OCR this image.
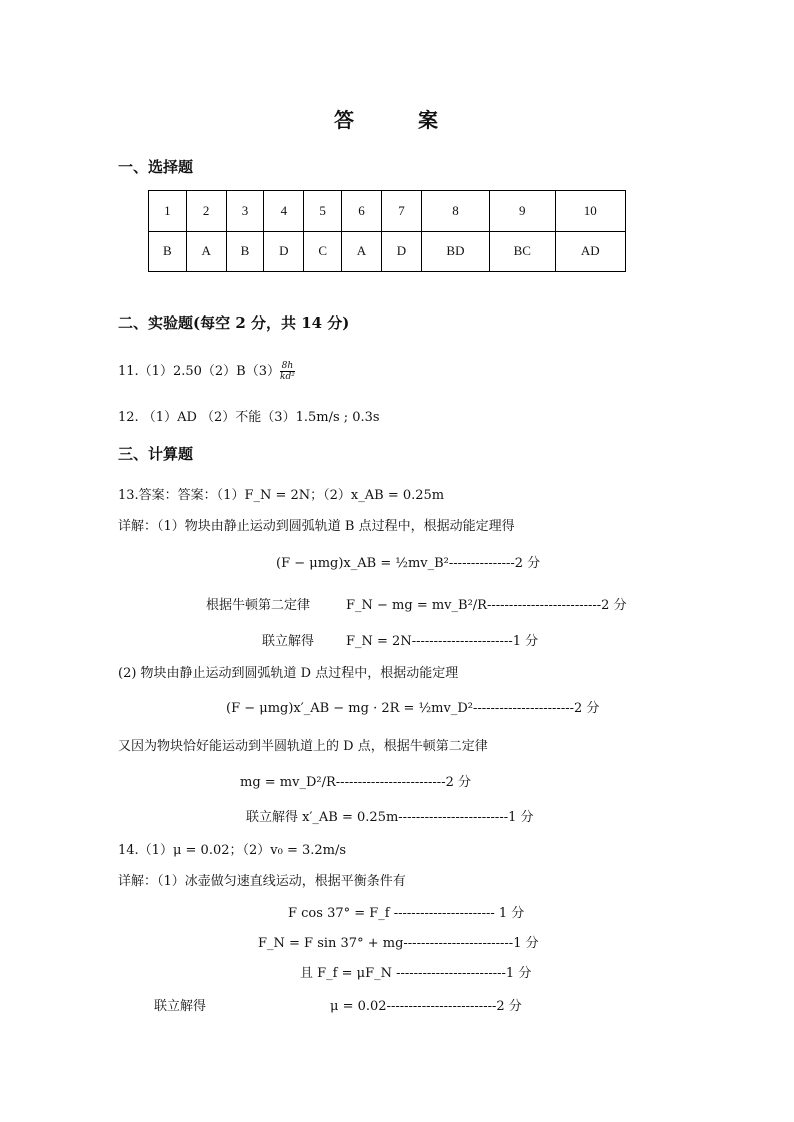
答　案
一、选择题
1	2	3	4	5	6	7	8	9	10
B	A	B	D	C	A	D	BD	BC	AD
二、实验题(每空 2 分，共 14 分)
$11.(1)2.50(2)B(3) \frac{8h}{\text{kd²}}$
12. （1）AD （2）不能（3）1.5m/s ; 0.3s
三、计算题
13.答案：答案：（1）F_N = 2N；（2）x_AB = 0.25m
详解：（1）物块由静止运动到圆弧轨道 B 点过程中，根据动能定理得
(F − μmg)x_AB = ½mv_B²---------------2 分
根据牛顿第二定律	F_N − mg = mv_B²/R--------------------------2 分
联立解得 F_N = 2N-----------------------1 分
(2) 物块由静止运动到圆弧轨道 D 点过程中，根据动能定理
(F − μmg)x′_AB − mg · 2R = ½mv_D²-----------------------2 分
又因为物块恰好能运动到半圆轨道上的 D 点，根据牛顿第二定律
mg = mv_D²/R-------------------------2 分
联立解得 x′_AB = 0.25m-------------------------1 分
14.（1）μ = 0.02；（2）v₀ = 3.2m/s
详解：（1）冰壶做匀速直线运动，根据平衡条件有
F cos 37° = F_f ----------------------- 1 分
F_N = F sin 37° + mg-------------------------1 分
且 F_f = μF_N -------------------------1 分
联立解得	μ = 0.02-------------------------2 分
